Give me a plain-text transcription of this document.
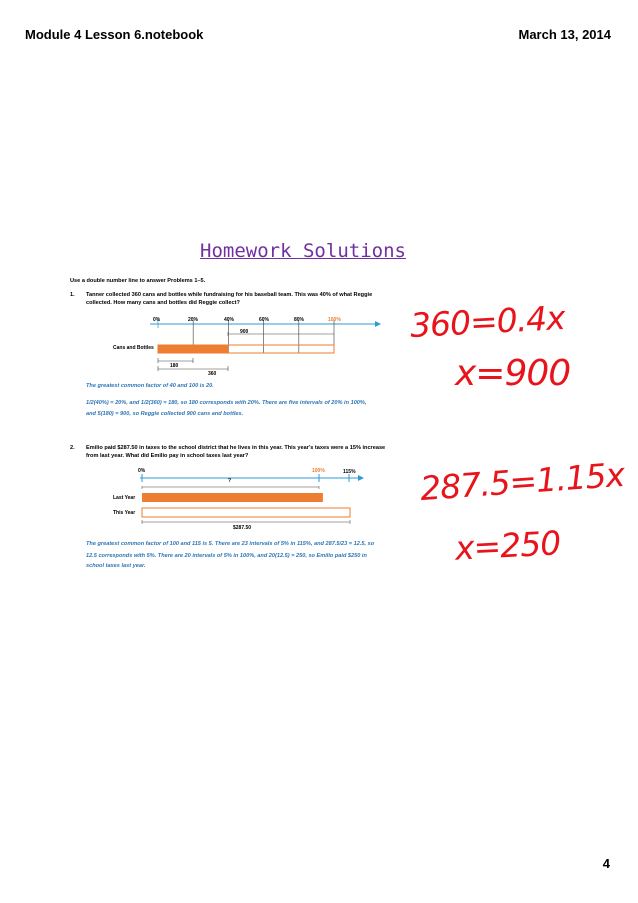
Module 4 Lesson 6.notebook	March 13, 2014
Homework Solutions
Use a double number line to answer Problems 1–5.
1. Tanner collected 360 cans and bottles while fundraising for his baseball team. This was 40% of what Reggie
collected. How many cans and bottles did Reggie collect?
0%	20%	40%	60%	80%	100%
900
Cans and Bottles
180
360
The greatest common factor of 40 and 100 is 20.
1/2(40%) = 20%, and 1/2(360) = 180, so 180 corresponds with 20%. There are five intervals of 20% in 100%,
and 5(180) = 900, so Reggie collected 900 cans and bottles.
2. Emilio paid $287.50 in taxes to the school district that he lives in this year. This year's taxes were a 15% increase
from last year. What did Emilio pay in school taxes last year?
0%	100%	115%
?
Last Year
This Year
$287.50
The greatest common factor of 100 and 115 is 5. There are 23 intervals of 5% in 115%, and 287.5/23 = 12.5, so
12.5 corresponds with 5%. There are 20 intervals of 5% in 100%, and 20(12.5) = 250, so Emilio paid $250 in
school taxes last year.
360=0.4x
x=900
287.5=1.15x
x=250
4
